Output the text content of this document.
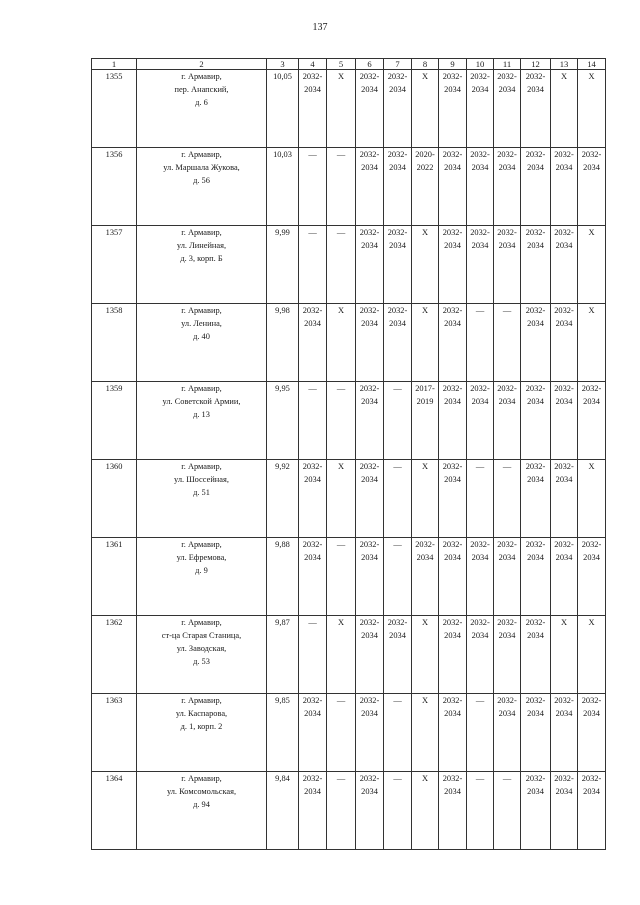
137
1	2	3	4	5	6	7	8	9	10	11	12	13	14
1355	г. Армавир,
пер. Анапский,
д. 6	10,05	2032-
2034	X	2032-
2034	2032-
2034	X	2032-
2034	2032-
2034	2032-
2034	2032-
2034	X	X
1356	г. Армавир,
ул. Маршала Жукова,
д. 56	10,03	—	—	2032-
2034	2032-
2034	2020-
2022	2032-
2034	2032-
2034	2032-
2034	2032-
2034	2032-
2034	2032-
2034
1357	г. Армавир,
ул. Линейная,
д. 3, корп. Б	9,99	—	—	2032-
2034	2032-
2034	X	2032-
2034	2032-
2034	2032-
2034	2032-
2034	2032-
2034	X
1358	г. Армавир,
ул. Ленина,
д. 40	9,98	2032-
2034	X	2032-
2034	2032-
2034	X	2032-
2034	—	—	2032-
2034	2032-
2034	X
1359	г. Армавир,
ул. Советской Армии,
д. 13	9,95	—	—	2032-
2034	—	2017-
2019	2032-
2034	2032-
2034	2032-
2034	2032-
2034	2032-
2034	2032-
2034
1360	г. Армавир,
ул. Шоссейная,
д. 51	9,92	2032-
2034	X	2032-
2034	—	X	2032-
2034	—	—	2032-
2034	2032-
2034	X
1361	г. Армавир,
ул. Ефремова,
д. 9	9,88	2032-
2034	—	2032-
2034	—	2032-
2034	2032-
2034	2032-
2034	2032-
2034	2032-
2034	2032-
2034	2032-
2034
1362	г. Армавир,
ст-ца Старая Станица,
ул. Заводская,
д. 53	9,87	—	X	2032-
2034	2032-
2034	X	2032-
2034	2032-
2034	2032-
2034	2032-
2034	X	X
1363	г. Армавир,
ул. Каспарова,
д. 1, корп. 2	9,85	2032-
2034	—	2032-
2034	—	X	2032-
2034	—	2032-
2034	2032-
2034	2032-
2034	2032-
2034
1364	г. Армавир,
ул. Комсомольская,
д. 94	9,84	2032-
2034	—	2032-
2034	—	X	2032-
2034	—	—	2032-
2034	2032-
2034	2032-
2034
